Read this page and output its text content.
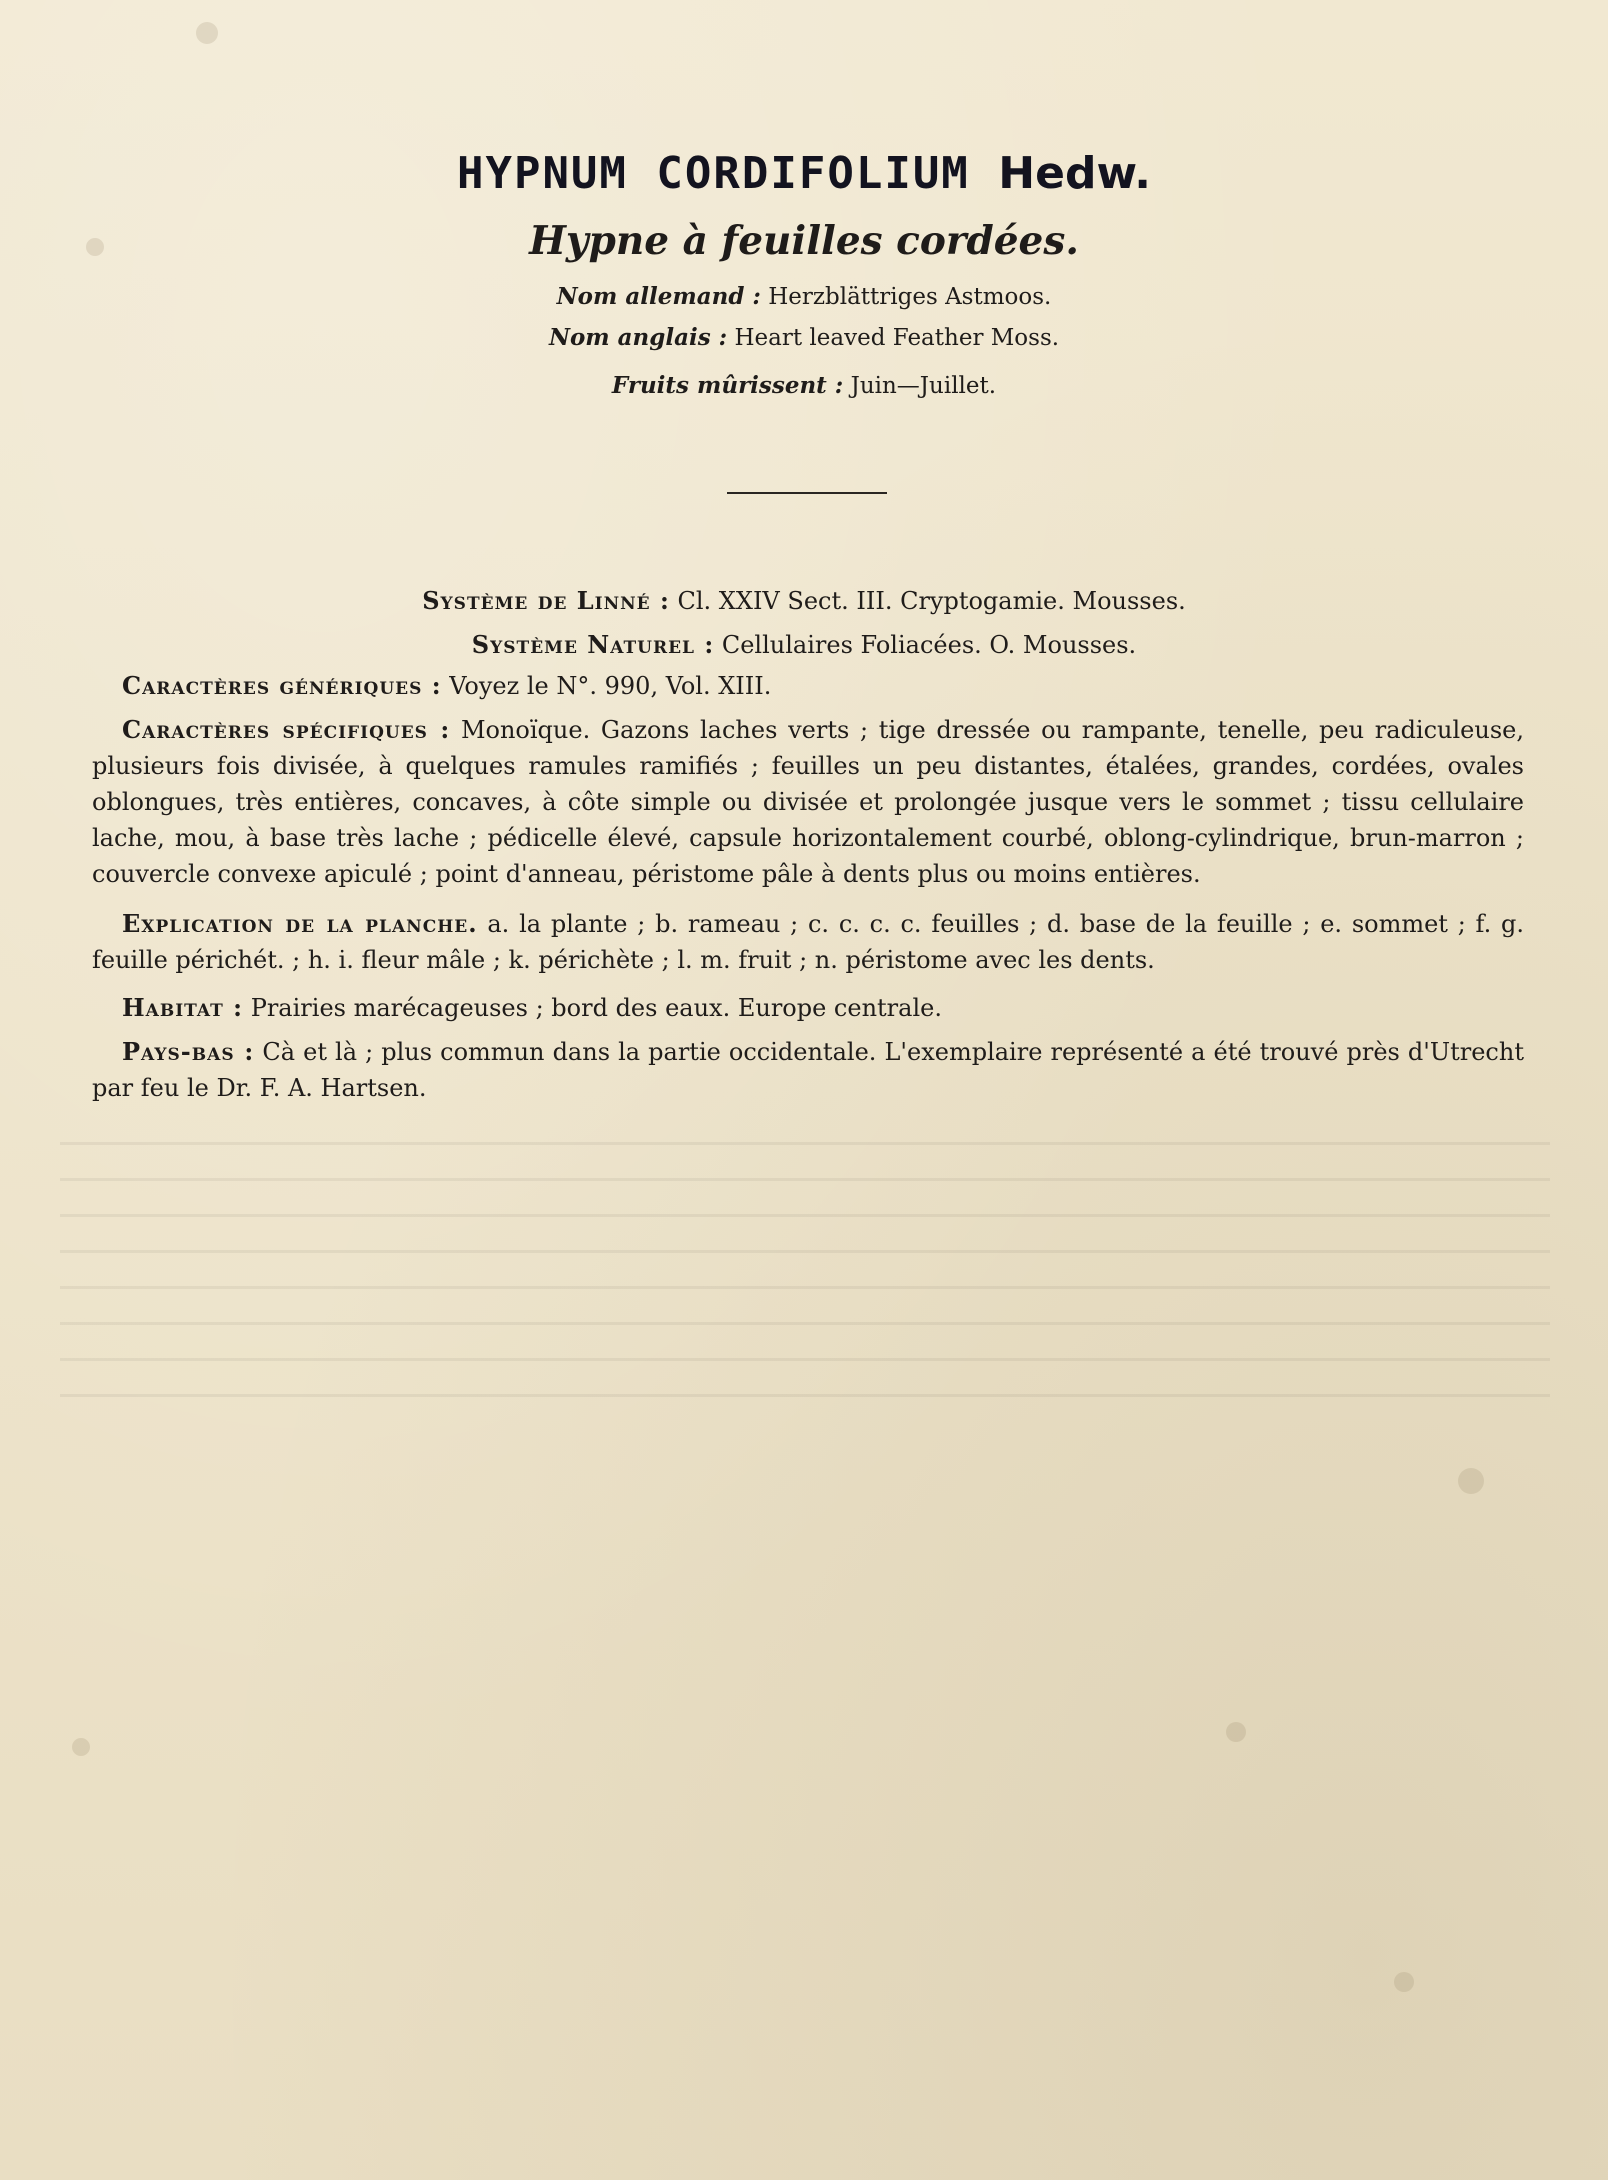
HYPNUM CORDIFOLIUM Hedw.
Hypne à feuilles cordées.
Nom allemand : Herzblättriges Astmoos.
Nom anglais : Heart leaved Feather Moss.
Fruits mûrissent : Juin—Juillet.
Système de Linné : Cl. XXIV Sect. III. Cryptogamie. Mousses.
Système Naturel : Cellulaires Foliacées. O. Mousses.
Caractères génériques : Voyez le N°. 990, Vol. XIII.
Caractères spécifiques : Monoïque. Gazons laches verts ; tige dressée ou rampante, tenelle, peu radiculeuse, plusieurs fois divisée, à quelques ramules ramifiés ; feuilles un peu distantes, étalées, grandes, cordées, ovales oblongues, très entières, concaves, à côte simple ou divisée et prolongée jusque vers le sommet ; tissu cellulaire lache, mou, à base très lache ; pédicelle élevé, capsule horizontalement courbé, oblong-cylindrique, brun-marron ; couvercle convexe apiculé ; point d'anneau, péristome pâle à dents plus ou moins entières.
Explication de la planche. a. la plante ; b. rameau ; c. c. c. c. feuilles ; d. base de la feuille ; e. sommet ; f. g. feuille périchét. ; h. i. fleur mâle ; k. périchète ; l. m. fruit ; n. péristome avec les dents.
Habitat : Prairies marécageuses ; bord des eaux. Europe centrale.
Pays-bas : Cà et là ; plus commun dans la partie occidentale. L'exemplaire représenté a été trouvé près d'Utrecht par feu le Dr. F. A. Hartsen.
